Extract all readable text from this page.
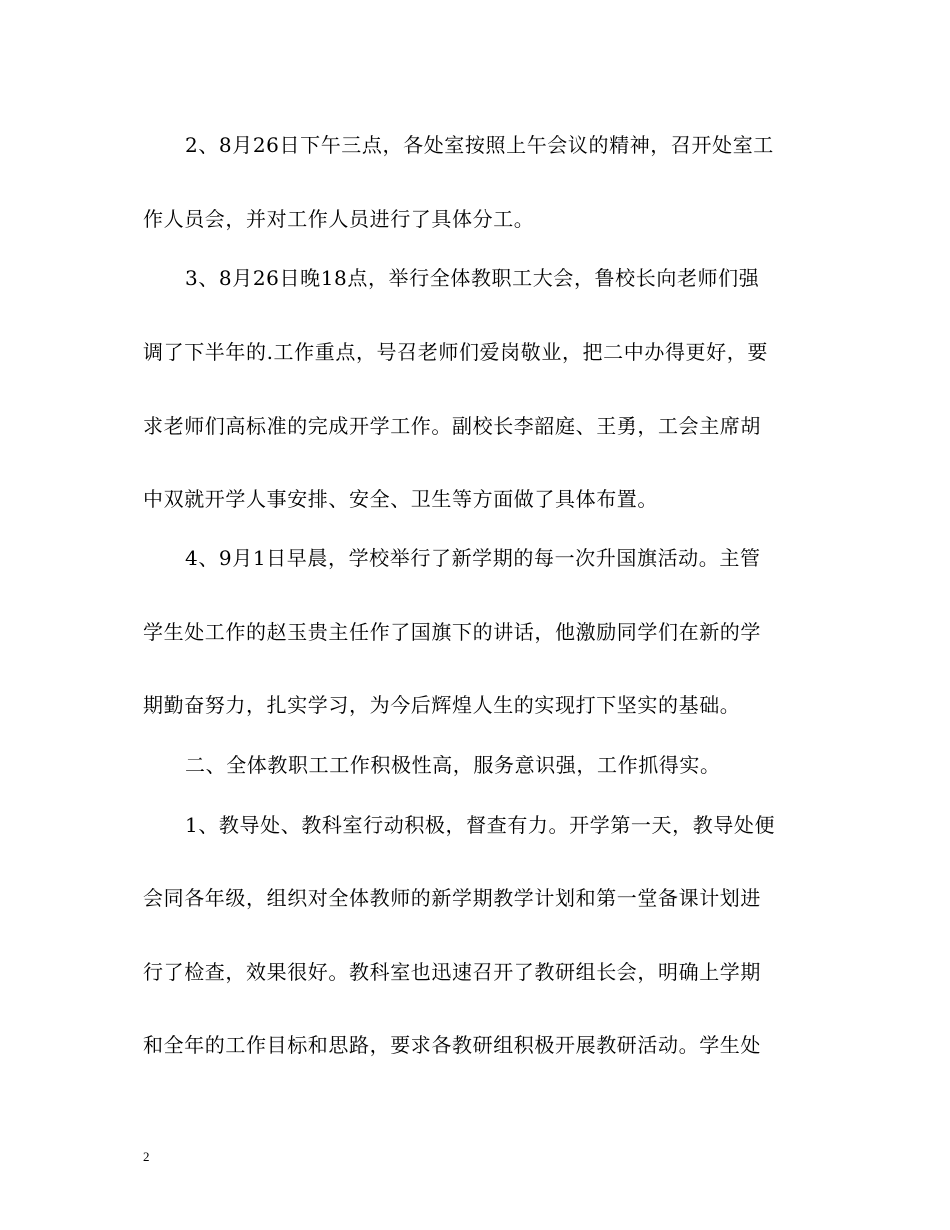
2、8月26日下午三点，各处室按照上午会议的精神，召开处室工
作人员会，并对工作人员进行了具体分工。
3、8月26日晚18点，举行全体教职工大会，鲁校长向老师们强
调了下半年的.工作重点，号召老师们爱岗敬业，把二中办得更好，要
求老师们高标准的完成开学工作。副校长李韶庭、王勇，工会主席胡
中双就开学人事安排、安全、卫生等方面做了具体布置。
4、9月1日早晨，学校举行了新学期的每一次升国旗活动。主管
学生处工作的赵玉贵主任作了国旗下的讲话，他激励同学们在新的学
期勤奋努力，扎实学习，为今后辉煌人生的实现打下坚实的基础。
二、全体教职工工作积极性高，服务意识强，工作抓得实。
1、教导处、教科室行动积极，督查有力。开学第一天，教导处便
会同各年级，组织对全体教师的新学期教学计划和第一堂备课计划进
行了检查，效果很好。教科室也迅速召开了教研组长会，明确上学期
和全年的工作目标和思路，要求各教研组积极开展教研活动。学生处
2
